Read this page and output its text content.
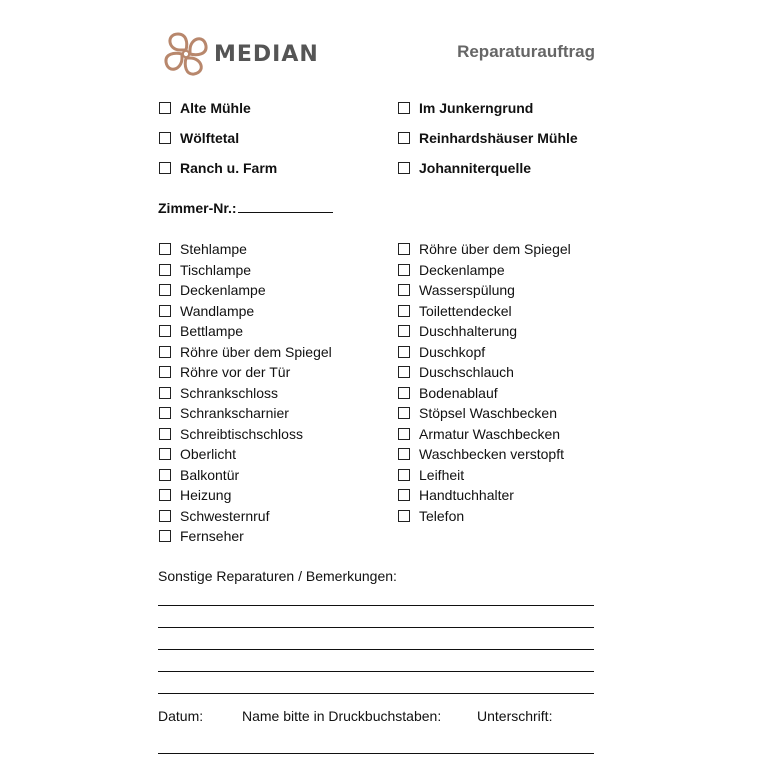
MEDIAN	Reparaturauftrag
Alte Mühle
Wölftetal
Ranch u. Farm
Im Junkerngrund
Reinhardshäuser Mühle
Johanniterquelle
Zimmer-Nr.:
Stehlampe
Tischlampe
Deckenlampe
Wandlampe
Bettlampe
Röhre über dem Spiegel
Röhre vor der Tür
Schrankschloss
Schrankscharnier
Schreibtischschloss
Oberlicht
Balkontür
Heizung
Schwesternruf
Fernseher
Röhre über dem Spiegel
Deckenlampe
Wasserspülung
Toilettendeckel
Duschhalterung
Duschkopf
Duschschlauch
Bodenablauf
Stöpsel Waschbecken
Armatur Waschbecken
Waschbecken verstopft
Leifheit
Handtuchhalter
Telefon
Sonstige Reparaturen / Bemerkungen:
Datum:	Name bitte in Druckbuchstaben:	Unterschrift:
